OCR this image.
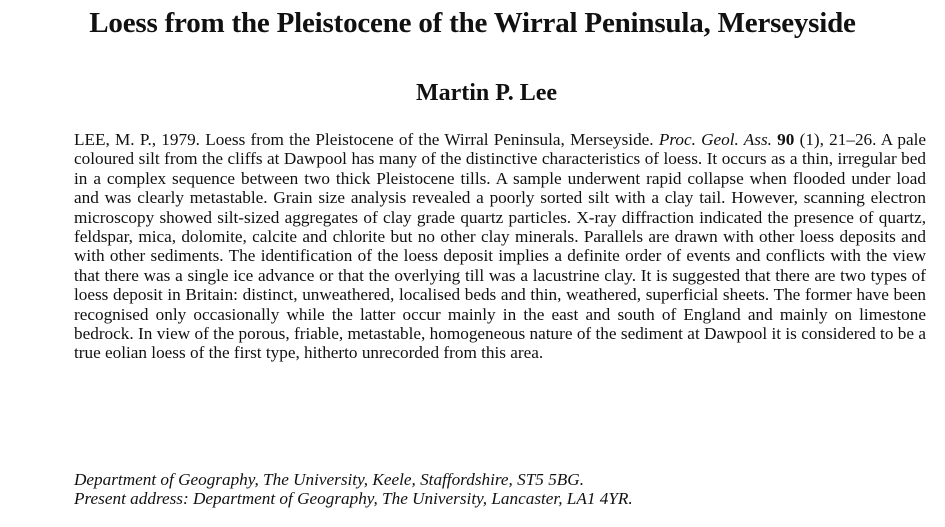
Loess from the Pleistocene of the Wirral Peninsula, Merseyside
Martin P. Lee

LEE, M. P., 1979. Loess from the Pleistocene of the Wirral Peninsula, Merseyside. Proc. Geol. Ass. 90 (1), 21–26. A pale coloured silt from the cliffs at Dawpool has many of the distinctive characteristics of loess. It occurs as a thin, irregular bed in a complex sequence between two thick Pleistocene tills. A sample underwent rapid collapse when flooded under load and was clearly metastable. Grain size analysis revealed a poorly sorted silt with a clay tail. However, scanning electron microscopy showed silt-sized aggregates of clay grade quartz particles. X-ray diffraction indicated the presence of quartz, feldspar, mica, dolomite, calcite and chlorite but no other clay minerals. Parallels are drawn with other loess deposits and with other sediments. The identification of the loess deposit implies a definite order of events and conflicts with the view that there was a single ice advance or that the overlying till was a lacustrine clay. It is suggested that there are two types of loess deposit in Britain: distinct, unweathered, localised beds and thin, weathered, superficial sheets. The former have been recognised only occasionally while the latter occur mainly in the east and south of England and mainly on limestone bedrock. In view of the porous, friable, metastable, homogeneous nature of the sediment at Dawpool it is considered to be a true eolian loess of the first type, hitherto unrecorded from this area.

Department of Geography, The University, Keele, Staffordshire, ST5 5BG.
Present address: Department of Geography, The University, Lancaster, LA1 4YR.
